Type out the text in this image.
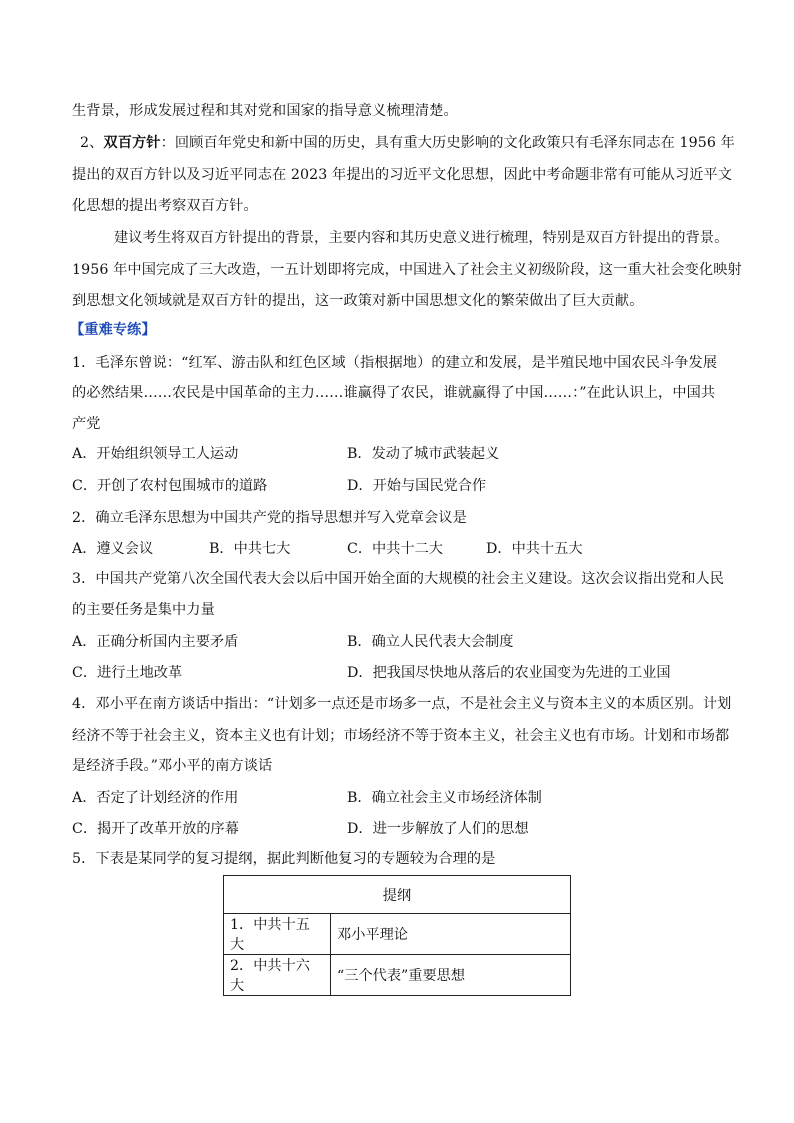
生背景，形成发展过程和其对党和国家的指导意义梳理清楚。
2、双百方针：回顾百年党史和新中国的历史，具有重大历史影响的文化政策只有毛泽东同志在 1956 年
提出的双百方针以及习近平同志在 2023 年提出的习近平文化思想，因此中考命题非常有可能从习近平文
化思想的提出考察双百方针。
建议考生将双百方针提出的背景，主要内容和其历史意义进行梳理，特别是双百方针提出的背景。
1956 年中国完成了三大改造，一五计划即将完成，中国进入了社会主义初级阶段，这一重大社会变化映射
到思想文化领域就是双百方针的提出，这一政策对新中国思想文化的繁荣做出了巨大贡献。
【重难专练】
1．毛泽东曾说：“红军、游击队和红色区域（指根据地）的建立和发展，是半殖民地中国农民斗争发展
的必然结果……农民是中国革命的主力……谁赢得了农民，谁就赢得了中国……：”在此认识上，中国共
产党
A．开始组织领导工人运动	B．发动了城市武装起义
C．开创了农村包围城市的道路	D．开始与国民党合作
2．确立毛泽东思想为中国共产党的指导思想并写入党章会议是
A．遵义会议	B．中共七大	C．中共十二大	D．中共十五大
3．中国共产党第八次全国代表大会以后中国开始全面的大规模的社会主义建设。这次会议指出党和人民
的主要任务是集中力量
A．正确分析国内主要矛盾	B．确立人民代表大会制度
C．进行土地改革	D．把我国尽快地从落后的农业国变为先进的工业国
4．邓小平在南方谈话中指出：“计划多一点还是市场多一点，不是社会主义与资本主义的本质区别。计划
经济不等于社会主义，资本主义也有计划；市场经济不等于资本主义，社会主义也有市场。计划和市场都
是经济手段。”邓小平的南方谈话
A．否定了计划经济的作用	B．确立社会主义市场经济体制
C．揭开了改革开放的序幕	D．进一步解放了人们的思想
5．下表是某同学的复习提纲，据此判断他复习的专题较为合理的是
提纲	
1．中共十五大	邓小平理论
2．中共十六大	“三个代表”重要思想
